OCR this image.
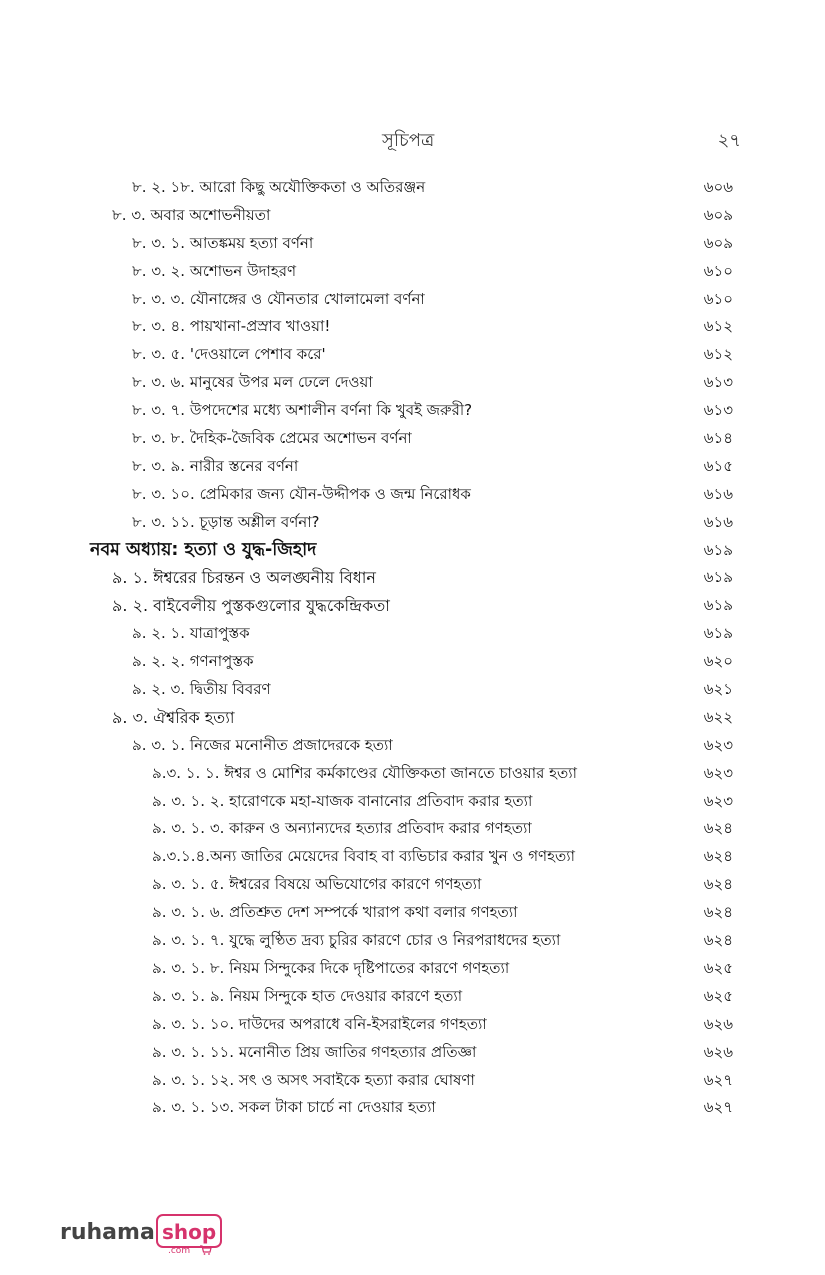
সূচিপত্র	২৭
৮. ২. ১৮. আরো কিছু অযৌক্তিকতা ও অতিরঞ্জন	৬০৬
৮. ৩. অবার অশোভনীয়তা	৬০৯
৮. ৩. ১. আতঙ্কময় হত্যা বর্ণনা	৬০৯
৮. ৩. ২. অশোভন উদাহরণ	৬১০
৮. ৩. ৩. যৌনাঙ্গের ও যৌনতার খোলামেলা বর্ণনা	৬১০
৮. ৩. ৪. পায়খানা-প্রস্রাব খাওয়া!	৬১২
৮. ৩. ৫. 'দেওয়ালে পেশাব করে'	৬১২
৮. ৩. ৬. মানুষের উপর মল ঢেলে দেওয়া	৬১৩
৮. ৩. ৭. উপদেশের মধ্যে অশালীন বর্ণনা কি খুবই জরুরী?	৬১৩
৮. ৩. ৮. দৈহিক-জৈবিক প্রেমের অশোভন বর্ণনা	৬১৪
৮. ৩. ৯. নারীর স্তনের বর্ণনা	৬১৫
৮. ৩. ১০. প্রেমিকার জন্য যৌন-উদ্দীপক ও জন্ম নিরোধক	৬১৬
৮. ৩. ১১. চূড়ান্ত অশ্লীল বর্ণনা?	৬১৬
নবম অধ্যায়: হত্যা ও যুদ্ধ-জিহাদ	৬১৯
৯. ১. ঈশ্বরের চিরন্তন ও অলঙ্ঘনীয় বিধান	৬১৯
৯. ২. বাইবেলীয় পুস্তকগুলোর যুদ্ধকেন্দ্রিকতা	৬১৯
৯. ২. ১. যাত্রাপুস্তক	৬১৯
৯. ২. ২. গণনাপুস্তক	৬২০
৯. ২. ৩. দ্বিতীয় বিবরণ	৬২১
৯. ৩. ঐশ্বরিক হত্যা	৬২২
৯. ৩. ১. নিজের মনোনীত প্রজাদেরকে হত্যা	৬২৩
৯.৩. ১. ১. ঈশ্বর ও মোশির কর্মকাণ্ডের যৌক্তিকতা জানতে চাওয়ার হত্যা	৬২৩
৯. ৩. ১. ২. হারোণকে মহা-যাজক বানানোর প্রতিবাদ করার হত্যা	৬২৩
৯. ৩. ১. ৩. কারুন ও অন্যান্যদের হত্যার প্রতিবাদ করার গণহত্যা	৬২৪
৯.৩.১.৪.অন্য জাতির মেয়েদের বিবাহ বা ব্যভিচার করার খুন ও গণহত্যা	৬২৪
৯. ৩. ১. ৫. ঈশ্বরের বিষয়ে অভিযোগের কারণে গণহত্যা	৬২৪
৯. ৩. ১. ৬. প্রতিশ্রুত দেশ সম্পর্কে খারাপ কথা বলার গণহত্যা	৬২৪
৯. ৩. ১. ৭. যুদ্ধে লুণ্ঠিত দ্রব্য চুরির কারণে চোর ও নিরপরাধদের হত্যা	৬২৪
৯. ৩. ১. ৮. নিয়ম সিন্দুকের দিকে দৃষ্টিপাতের কারণে গণহত্যা	৬২৫
৯. ৩. ১. ৯. নিয়ম সিন্দুকে হাত দেওয়ার কারণে হত্যা	৬২৫
৯. ৩. ১. ১০. দাউদের অপরাধে বনি-ইসরাইলের গণহত্যা	৬২৬
৯. ৩. ১. ১১. মনোনীত প্রিয় জাতির গণহত্যার প্রতিজ্ঞা	৬২৬
৯. ৩. ১. ১২. সৎ ও অসৎ সবাইকে হত্যা করার ঘোষণা	৬২৭
৯. ৩. ১. ১৩. সকল টাকা চার্চে না দেওয়ার হত্যা	৬২৭
ruhama shop
.com
